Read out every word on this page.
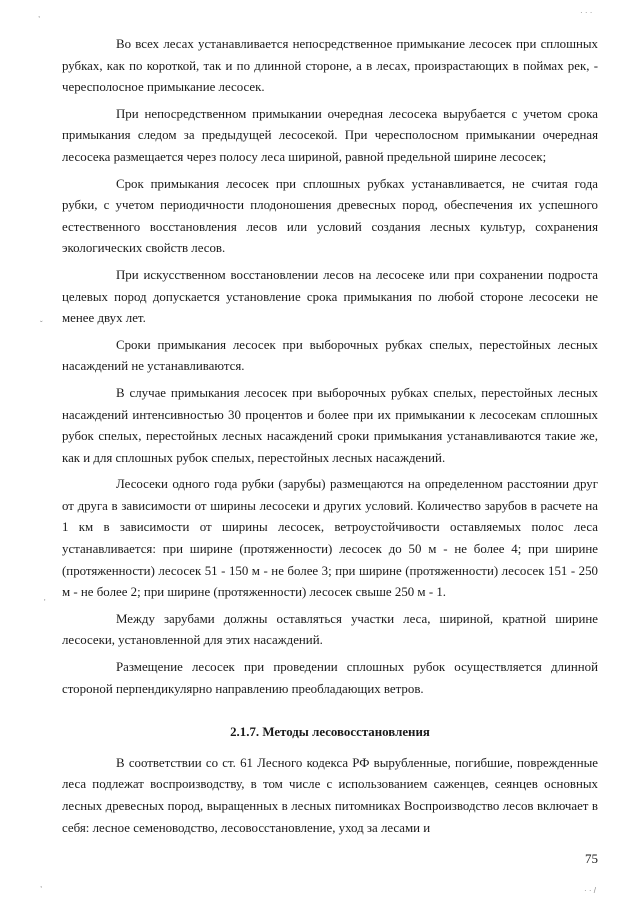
Во всех лесах устанавливается непосредственное примыкание лесосек при сплошных рубках, как по короткой, так и по длинной стороне, а в лесах, произрастающих в поймах рек, - чересполосное примыкание лесосек.

При непосредственном примыкании очередная лесосека вырубается с учетом срока примыкания следом за предыдущей лесосекой. При чересполосном примыкании очередная лесосека размещается через полосу леса шириной, равной предельной ширине лесосек;

Срок примыкания лесосек при сплошных рубках устанавливается, не считая года рубки, с учетом периодичности плодоношения древесных пород, обеспечения их успешного естественного восстановления лесов или условий создания лесных культур, сохранения экологических свойств лесов.

При искусственном восстановлении лесов на лесосеке или при сохранении подроста целевых пород допускается установление срока примыкания по любой стороне лесосеки не менее двух лет.

Сроки примыкания лесосек при выборочных рубках спелых, перестойных лесных насаждений не устанавливаются.

В случае примыкания лесосек при выборочных рубках спелых, перестойных лесных насаждений интенсивностью 30 процентов и более при их примыкании к лесосекам сплошных рубок спелых, перестойных лесных насаждений сроки примыкания устанавливаются такие же, как и для сплошных рубок спелых, перестойных лесных насаждений.

Лесосеки одного года рубки (зарубы) размещаются на определенном расстоянии друг от друга в зависимости от ширины лесосеки и других условий. Количество зарубов в расчете на 1 км в зависимости от ширины лесосек, ветроустойчивости оставляемых полос леса устанавливается: при ширине (протяженности) лесосек до 50 м - не более 4; при ширине (протяженности) лесосек 51 - 150 м - не более 3; при ширине (протяженности) лесосек 151 - 250 м - не более 2; при ширине (протяженности) лесосек свыше 250 м - 1.

Между зарубами должны оставляться участки леса, шириной, кратной ширине лесосеки, установленной для этих насаждений.

Размещение лесосек при проведении сплошных рубок осуществляется длинной стороной перпендикулярно направлению преобладающих ветров.

2.1.7. Методы лесовосстановления

В соответствии со ст. 61 Лесного кодекса РФ вырубленные, погибшие, поврежденные леса подлежат воспроизводству, в том числе с использованием саженцев, сеянцев основных лесных древесных пород, выращенных в лесных питомниках Воспроизводство лесов включает в себя: лесное семеноводство, лесовосстановление, уход за лесами и

75
,
ˇ
'
,
· · ·
· · /
